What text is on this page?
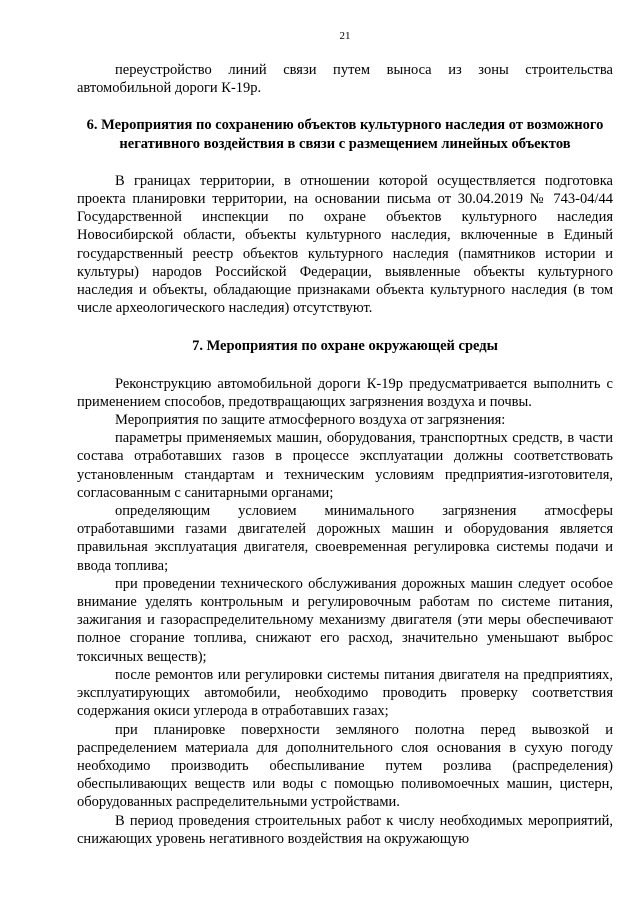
21

переустройство линий связи путем выноса из зоны строительства автомобильной дороги К-19р.

6. Мероприятия по сохранению объектов культурного наследия от возможного негативного воздействия в связи с размещением линейных объектов

В границах территории, в отношении которой осуществляется подготовка проекта планировки территории, на основании письма от 30.04.2019 № 743-04/44 Государственной инспекции по охране объектов культурного наследия Новосибирской области, объекты культурного наследия, включенные в Единый государственный реестр объектов культурного наследия (памятников истории и культуры) народов Российской Федерации, выявленные объекты культурного наследия и объекты, обладающие признаками объекта культурного наследия (в том числе археологического наследия) отсутствуют.

7. Мероприятия по охране окружающей среды

Реконструкцию автомобильной дороги К-19р предусматривается выполнить с применением способов, предотвращающих загрязнения воздуха и почвы.

Мероприятия по защите атмосферного воздуха от загрязнения:

параметры применяемых машин, оборудования, транспортных средств, в части состава отработавших газов в процессе эксплуатации должны соответствовать установленным стандартам и техническим условиям предприятия-изготовителя, согласованным с санитарными органами;

определяющим условием минимального загрязнения атмосферы отработавшими газами двигателей дорожных машин и оборудования является правильная эксплуатация двигателя, своевременная регулировка системы подачи и ввода топлива;

при проведении технического обслуживания дорожных машин следует особое внимание уделять контрольным и регулировочным работам по системе питания, зажигания и газораспределительному механизму двигателя (эти меры обеспечивают полное сгорание топлива, снижают его расход, значительно уменьшают выброс токсичных веществ);

после ремонтов или регулировки системы питания двигателя на предприятиях, эксплуатирующих автомобили, необходимо проводить проверку соответствия содержания окиси углерода в отработавших газах;

при планировке поверхности земляного полотна перед вывозкой и распределением материала для дополнительного слоя основания в сухую погоду необходимо производить обеспыливание путем розлива (распределения) обеспыливающих веществ или воды с помощью поливомоечных машин, цистерн, оборудованных распределительными устройствами.

В период проведения строительных работ к числу необходимых мероприятий, снижающих уровень негативного воздействия на окружающую
